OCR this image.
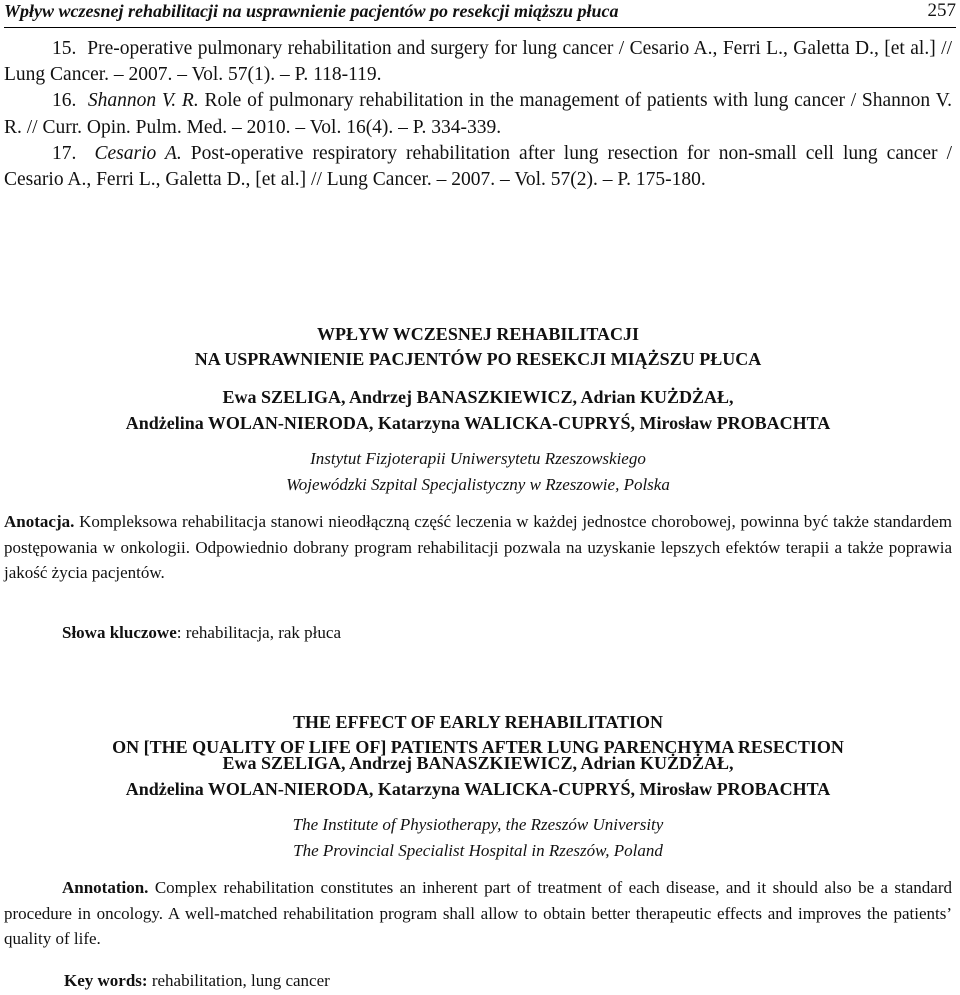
Wpływ wczesnej rehabilitacji na usprawnienie pacjentów po resekcji miąższu płuca	257

15. Pre-operative pulmonary rehabilitation and surgery for lung cancer / Cesario A., Ferri L., Galetta D., [et al.] // Lung Cancer. – 2007. – Vol. 57(1). – P. 118-119.

16. Shannon V. R. Role of pulmonary rehabilitation in the management of patients with lung cancer / Shannon V. R. // Curr. Opin. Pulm. Med. – 2010. – Vol. 16(4). – P. 334-339.

17. Cesario A. Post-operative respiratory rehabilitation after lung resection for non-small cell lung cancer / Cesario A., Ferri L., Galetta D., [et al.] // Lung Cancer. – 2007. – Vol. 57(2). – P. 175-180.

WPŁYW WCZESNEJ REHABILITACJI
NA USPRAWNIENIE PACJENTÓW PO RESEKCJI MIĄŻSZU PŁUCA
Ewa SZELIGA, Andrzej BANASZKIEWICZ, Adrian KUŻDŻAŁ,
Andżelina WOLAN-NIERODA, Katarzyna WALICKA-CUPRYŚ, Mirosław PROBACHTA
Instytut Fizjoterapii Uniwersytetu Rzeszowskiego
Wojewódzki Szpital Specjalistyczny w Rzeszowie, Polska

Anotacja. Kompleksowa rehabilitacja stanowi nieodłączną część leczenia w każdej jednostce chorobowej, powinna być także standardem postępowania w onkologii. Odpowiednio dobrany program rehabilitacji pozwala na uzyskanie lepszych efektów terapii a także poprawia jakość życia pacjentów.

Słowa kluczowe: rehabilitacja, rak płuca
THE EFFECT OF EARLY REHABILITATION
ON [THE QUALITY OF LIFE OF] PATIENTS AFTER LUNG PARENCHYMA RESECTION
Ewa SZELIGA, Andrzej BANASZKIEWICZ, Adrian KUŻDŻAŁ,
Andżelina WOLAN-NIERODA, Katarzyna WALICKA-CUPRYŚ, Mirosław PROBACHTA
The Institute of Physiotherapy, the Rzeszów University
The Provincial Specialist Hospital in Rzeszów, Poland

Annotation. Complex rehabilitation constitutes an inherent part of treatment of each disease, and it should also be a standard procedure in oncology. A well-matched rehabilitation program shall allow to obtain better therapeutic effects and improves the patients’ quality of life.

Key words: rehabilitation, lung cancer
